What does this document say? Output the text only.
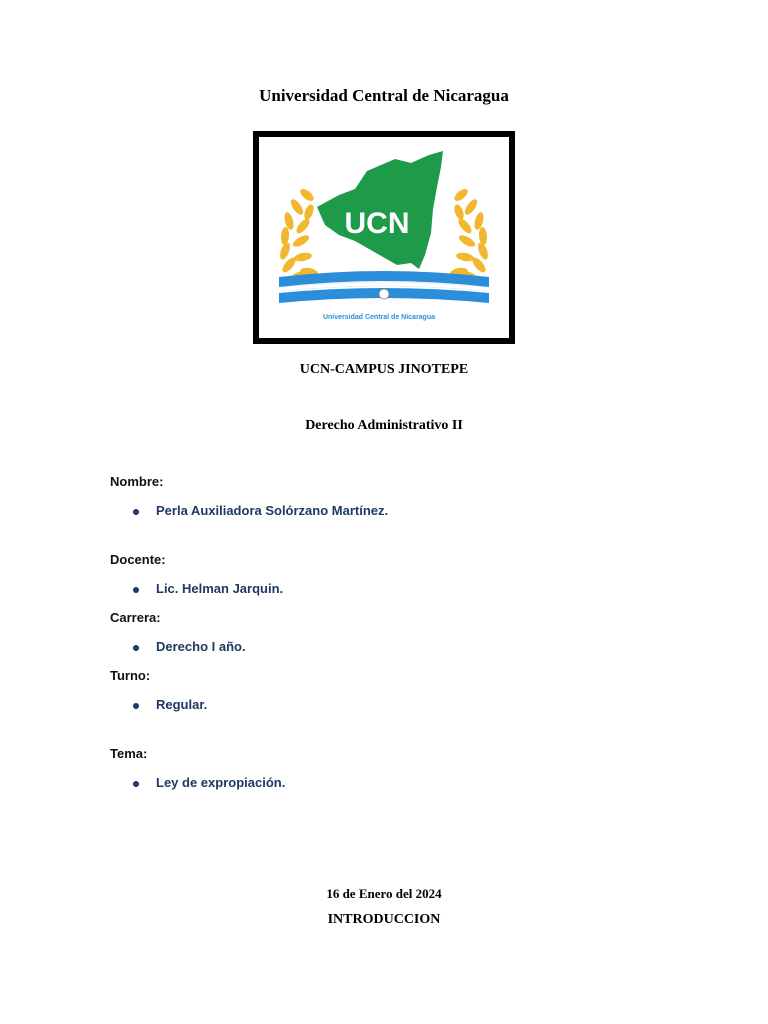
Universidad Central de Nicaragua
UCN
Universidad Central de Nicaragua
UCN-CAMPUS JINOTEPE
Derecho Administrativo II
Nombre:
Perla Auxiliadora Solórzano Martínez.
Docente:
Lic. Helman Jarquin.
Carrera:
Derecho I año.
Turno:
Regular.
Tema:
Ley de expropiación.
16 de Enero del 2024
INTRODUCCION
